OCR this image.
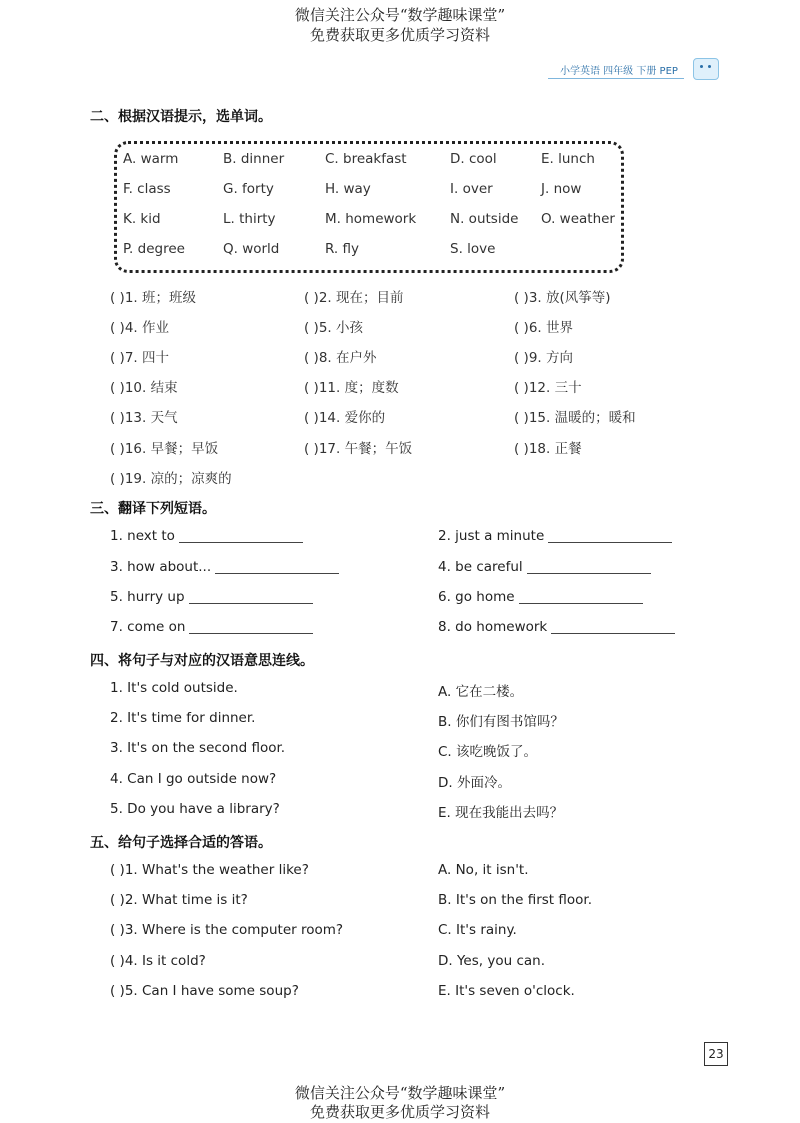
微信关注公众号“数学趣味课堂”
免费获取更多优质学习资料
小学英语 四年级 下册 PEP
二、根据汉语提示，选单词。
A. warm	B. dinner	C. breakfast	D. cool	E. lunch
F. class	G. forty	H. way	I. over	J. now
K. kid	L. thirty	M. homework	N. outside O. weather
P. degree	Q. world	R. fly	S. love
( )1. 班；班级	( )2. 现在；目前	( )3. 放(风筝等)
( )4. 作业	( )5. 小孩	( )6. 世界
( )7. 四十	( )8. 在户外	( )9. 方向
( )10. 结束	( )11. 度；度数	( )12. 三十
( )13. 天气	( )14. 爱你的	( )15. 温暖的；暖和
( )16. 早餐；早饭	( )17. 午餐；午饭	( )18. 正餐
( )19. 凉的；凉爽的
三、翻译下列短语。
1. next to	2. just a minute
3. how about...	4. be careful
5. hurry up	6. go home
7. come on	8. do homework
四、将句子与对应的汉语意思连线。
1. It's cold outside.
2. It's time for dinner.
3. It's on the second floor.
4. Can I go outside now?
5. Do you have a library?
A. 它在二楼。
B. 你们有图书馆吗？
C. 该吃晚饭了。
D. 外面冷。
E. 现在我能出去吗？
五、给句子选择合适的答语。
( )1. What's the weather like?
( )2. What time is it?
( )3. Where is the computer room?
( )4. Is it cold?
( )5. Can I have some soup?
A. No, it isn't.
B. It's on the first floor.
C. It's rainy.
D. Yes, you can.
E. It's seven o'clock.
23
微信关注公众号“数学趣味课堂”
免费获取更多优质学习资料
